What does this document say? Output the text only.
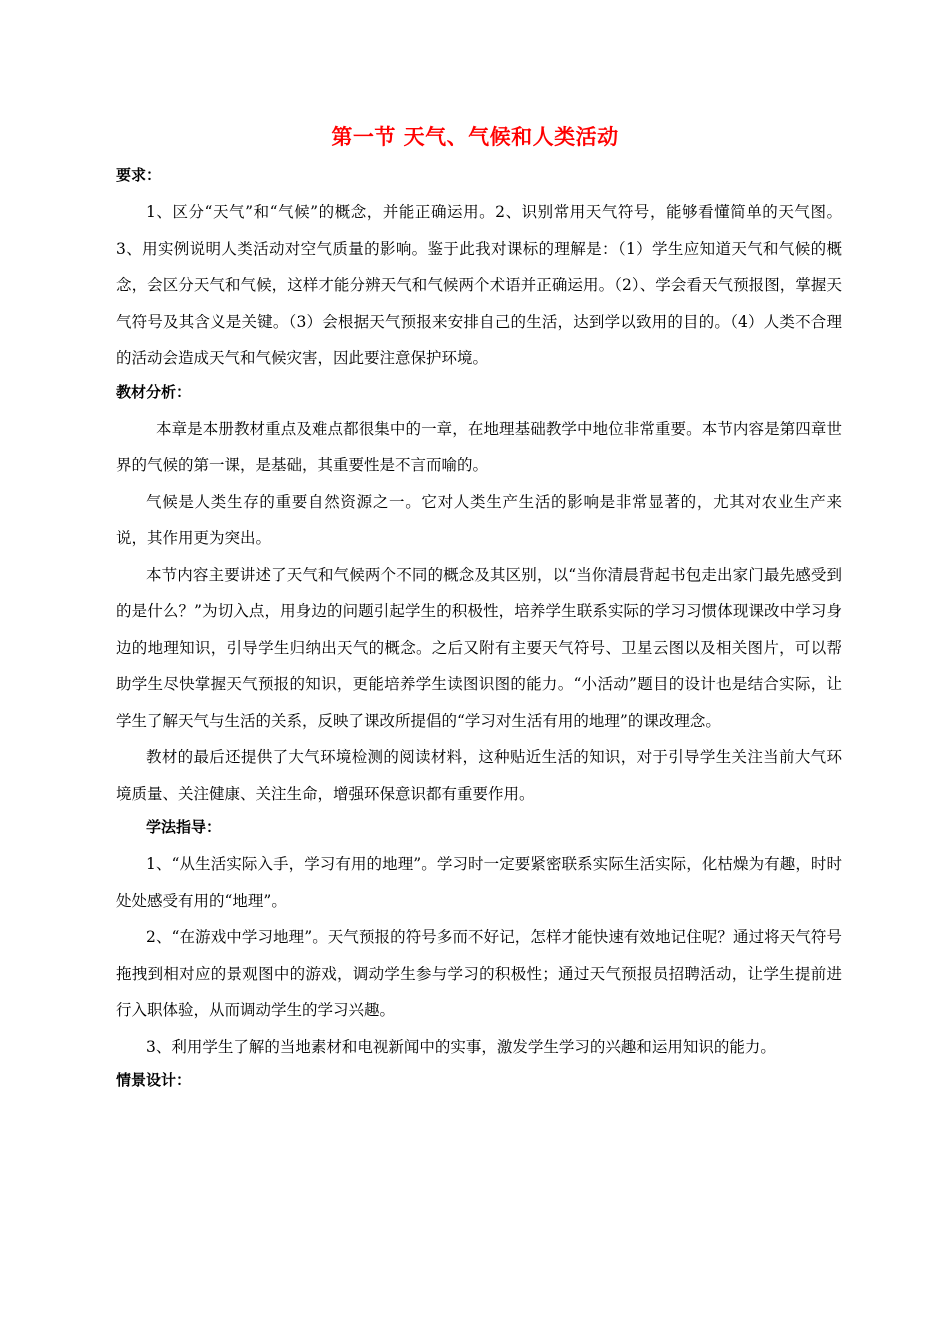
第一节 天气、气候和人类活动
要求：

1、区分“天气”和“气候”的概念，并能正确运用。2、识别常用天气符号，能够看懂简单的天气图。3、用实例说明人类活动对空气质量的影响。鉴于此我对课标的理解是：（1）学生应知道天气和气候的概念，会区分天气和气候，这样才能分辨天气和气候两个术语并正确运用。（2）、学会看天气预报图，掌握天气符号及其含义是关键。（3）会根据天气预报来安排自己的生活，达到学以致用的目的。（4）人类不合理的活动会造成天气和气候灾害，因此要注意保护环境。

教材分析：

本章是本册教材重点及难点都很集中的一章，在地理基础教学中地位非常重要。本节内容是第四章世界的气候的第一课，是基础，其重要性是不言而喻的。

气候是人类生存的重要自然资源之一。它对人类生产生活的影响是非常显著的，尤其对农业生产来说，其作用更为突出。

本节内容主要讲述了天气和气候两个不同的概念及其区别，以“当你清晨背起书包走出家门最先感受到的是什么？”为切入点，用身边的问题引起学生的积极性，培养学生联系实际的学习习惯体现课改中学习身边的地理知识，引导学生归纳出天气的概念。之后又附有主要天气符号、卫星云图以及相关图片，可以帮助学生尽快掌握天气预报的知识，更能培养学生读图识图的能力。“小活动”题目的设计也是结合实际，让学生了解天气与生活的关系，反映了课改所提倡的“学习对生活有用的地理”的课改理念。

教材的最后还提供了大气环境检测的阅读材料，这种贴近生活的知识，对于引导学生关注当前大气环境质量、关注健康、关注生命，增强环保意识都有重要作用。

学法指导：

1、“从生活实际入手，学习有用的地理”。学习时一定要紧密联系实际生活实际，化枯燥为有趣，时时处处感受有用的“地理”。

2、“在游戏中学习地理”。天气预报的符号多而不好记，怎样才能快速有效地记住呢？通过将天气符号拖拽到相对应的景观图中的游戏，调动学生参与学习的积极性；通过天气预报员招聘活动，让学生提前进行入职体验，从而调动学生的学习兴趣。

3、利用学生了解的当地素材和电视新闻中的实事，激发学生学习的兴趣和运用知识的能力。

情景设计：
